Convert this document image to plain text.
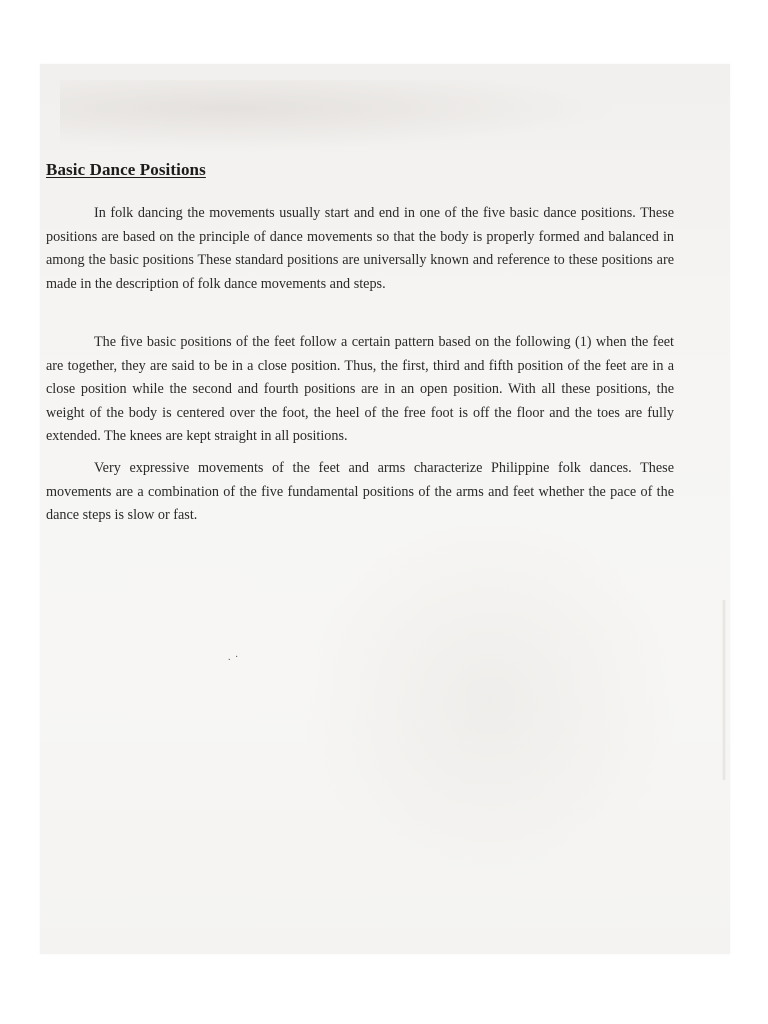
Basic Dance Positions

In folk dancing the movements usually start and end in one of the five basic dance positions. These positions are based on the principle of dance movements so that the body is properly formed and balanced in among the basic positions These standard positions are universally known and reference to these positions are made in the description of folk dance movements and steps.

The five basic positions of the feet follow a certain pattern based on the following (1) when the feet are together, they are said to be in a close position. Thus, the first, third and fifth position of the feet are in a close position while the second and fourth positions are in an open position. With all these positions, the weight of the body is centered over the foot, the heel of the free foot is off the floor and the toes are fully extended. The knees are kept straight in all positions.

Very expressive movements of the feet and arms characterize Philippine folk dances. These movements are a combination of the five fundamental positions of the arms and feet whether the pace of the dance steps is slow or fast.

. ·
